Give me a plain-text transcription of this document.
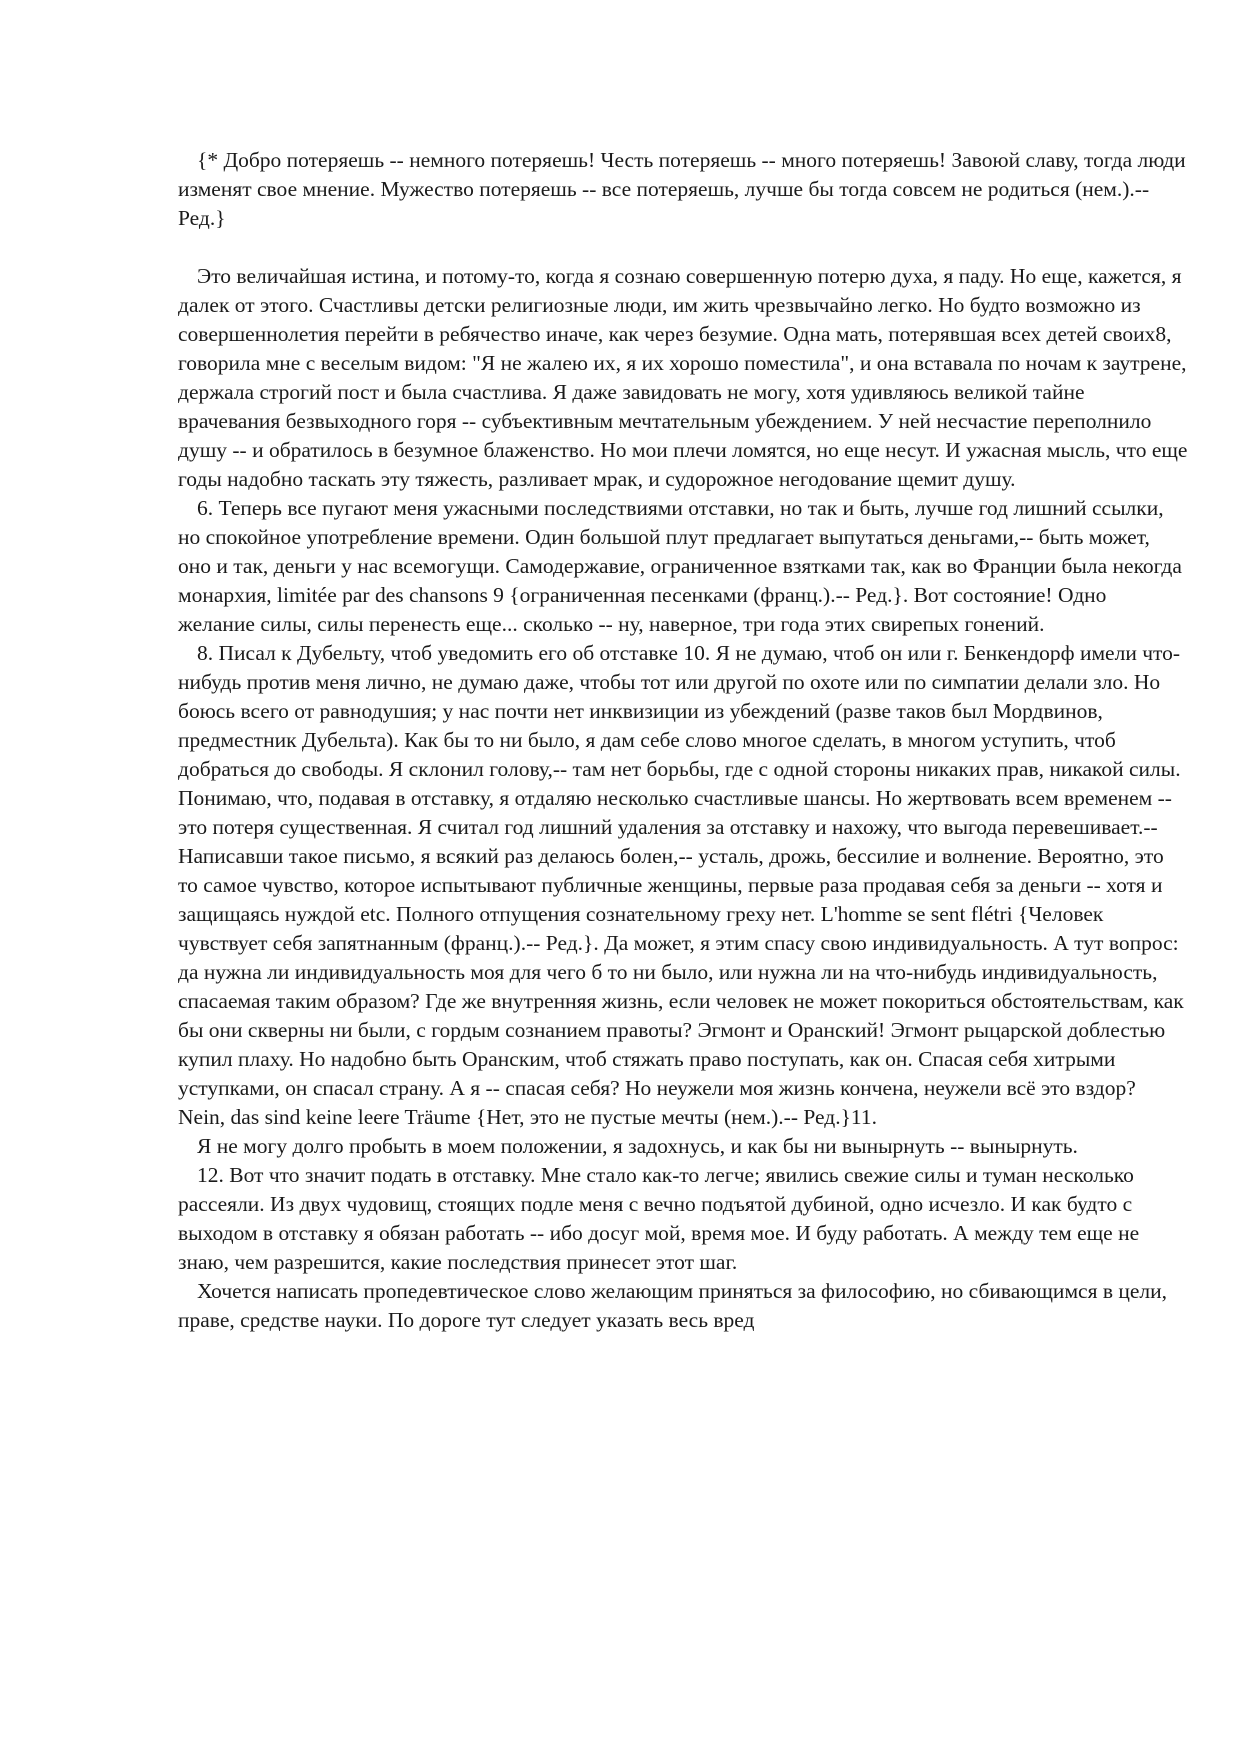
{* Добро потеряешь -- немного потеряешь! Честь потеряешь -- много потеряешь! Завоюй славу, тогда люди изменят свое мнение. Мужество потеряешь -- все потеряешь, лучше бы тогда совсем не родиться (нем.).-- Ред.}

Это величайшая истина, и потому-то, когда я сознаю совершенную потерю духа, я паду. Но еще, кажется, я далек от этого. Счастливы детски религиозные люди, им жить чрезвычайно легко. Но будто возможно из совершеннолетия перейти в ребячество иначе, как через безумие. Одна мать, потерявшая всех детей своих8, говорила мне с веселым видом: "Я не жалею их, я их хорошо поместила", и она вставала по ночам к заутрене, держала строгий пост и была счастлива. Я даже завидовать не могу, хотя удивляюсь великой тайне врачевания безвыходного горя -- субъективным мечтательным убеждением. У ней несчастие переполнило душу -- и обратилось в безумное блаженство. Но мои плечи ломятся, но еще несут. И ужасная мысль, что еще годы надобно таскать эту тяжесть, разливает мрак, и судорожное негодование щемит душу.

6. Теперь все пугают меня ужасными последствиями отставки, но так и быть, лучше год лишний ссылки, но спокойное употребление времени. Один большой плут предлагает выпутаться деньгами,-- быть может, оно и так, деньги у нас всемогущи. Самодержавие, ограниченное взятками так, как во Франции была некогда монархия, limitée par des chansons 9 {ограниченная песенками (франц.).-- Ред.}. Вот состояние! Одно желание силы, силы перенесть еще... сколько -- ну, наверное, три года этих свирепых гонений.

8. Писал к Дубельту, чтоб уведомить его об отставке 10. Я не думаю, чтоб он или г. Бенкендорф имели что-нибудь против меня лично, не думаю даже, чтобы тот или другой по охоте или по симпатии делали зло. Но боюсь всего от равнодушия; у нас почти нет инквизиции из убеждений (разве таков был Мордвинов, предместник Дубельта). Как бы то ни было, я дам себе слово многое сделать, в многом уступить, чтоб добраться до свободы. Я склонил голову,-- там нет борьбы, где с одной стороны никаких прав, никакой силы. Понимаю, что, подавая в отставку, я отдаляю несколько счастливые шансы. Но жертвовать всем временем -- это потеря существенная. Я считал год лишний удаления за отставку и нахожу, что выгода перевешивает.-- Написавши такое письмо, я всякий раз делаюсь болен,-- усталь, дрожь, бессилие и волнение. Вероятно, это то самое чувство, которое испытывают публичные женщины, первые раза продавая себя за деньги -- хотя и защищаясь нуждой etc. Полного отпущения сознательному греху нет. L'homme se sent flétri {Человек чувствует себя запятнанным (франц.).-- Ред.}. Да может, я этим спасу свою индивидуальность. А тут вопрос: да нужна ли индивидуальность моя для чего б то ни было, или нужна ли на что-нибудь индивидуальность, спасаемая таким образом? Где же внутренняя жизнь, если человек не может покориться обстоятельствам, как бы они скверны ни были, с гордым сознанием правоты? Эгмонт и Оранский! Эгмонт рыцарской доблестью купил плаху. Но надобно быть Оранским, чтоб стяжать право поступать, как он. Спасая себя хитрыми уступками, он спасал страну. А я -- спасая себя? Но неужели моя жизнь кончена, неужели всё это вздор? Nein, das sind keine leere Träume {Нет, это не пустые мечты (нем.).-- Ред.}11.

Я не могу долго пробыть в моем положении, я задохнусь, и как бы ни вынырнуть -- вынырнуть.

12. Вот что значит подать в отставку. Мне стало как-то легче; явились свежие силы и туман несколько рассеяли. Из двух чудовищ, стоящих подле меня с вечно подъятой дубиной, одно исчезло. И как будто с выходом в отставку я обязан работать -- ибо досуг мой, время мое. И буду работать. А между тем еще не знаю, чем разрешится, какие последствия принесет этот шаг.

Хочется написать пропедевтическое слово желающим приняться за философию, но сбивающимся в цели, праве, средстве науки. По дороге тут следует указать весь вред
